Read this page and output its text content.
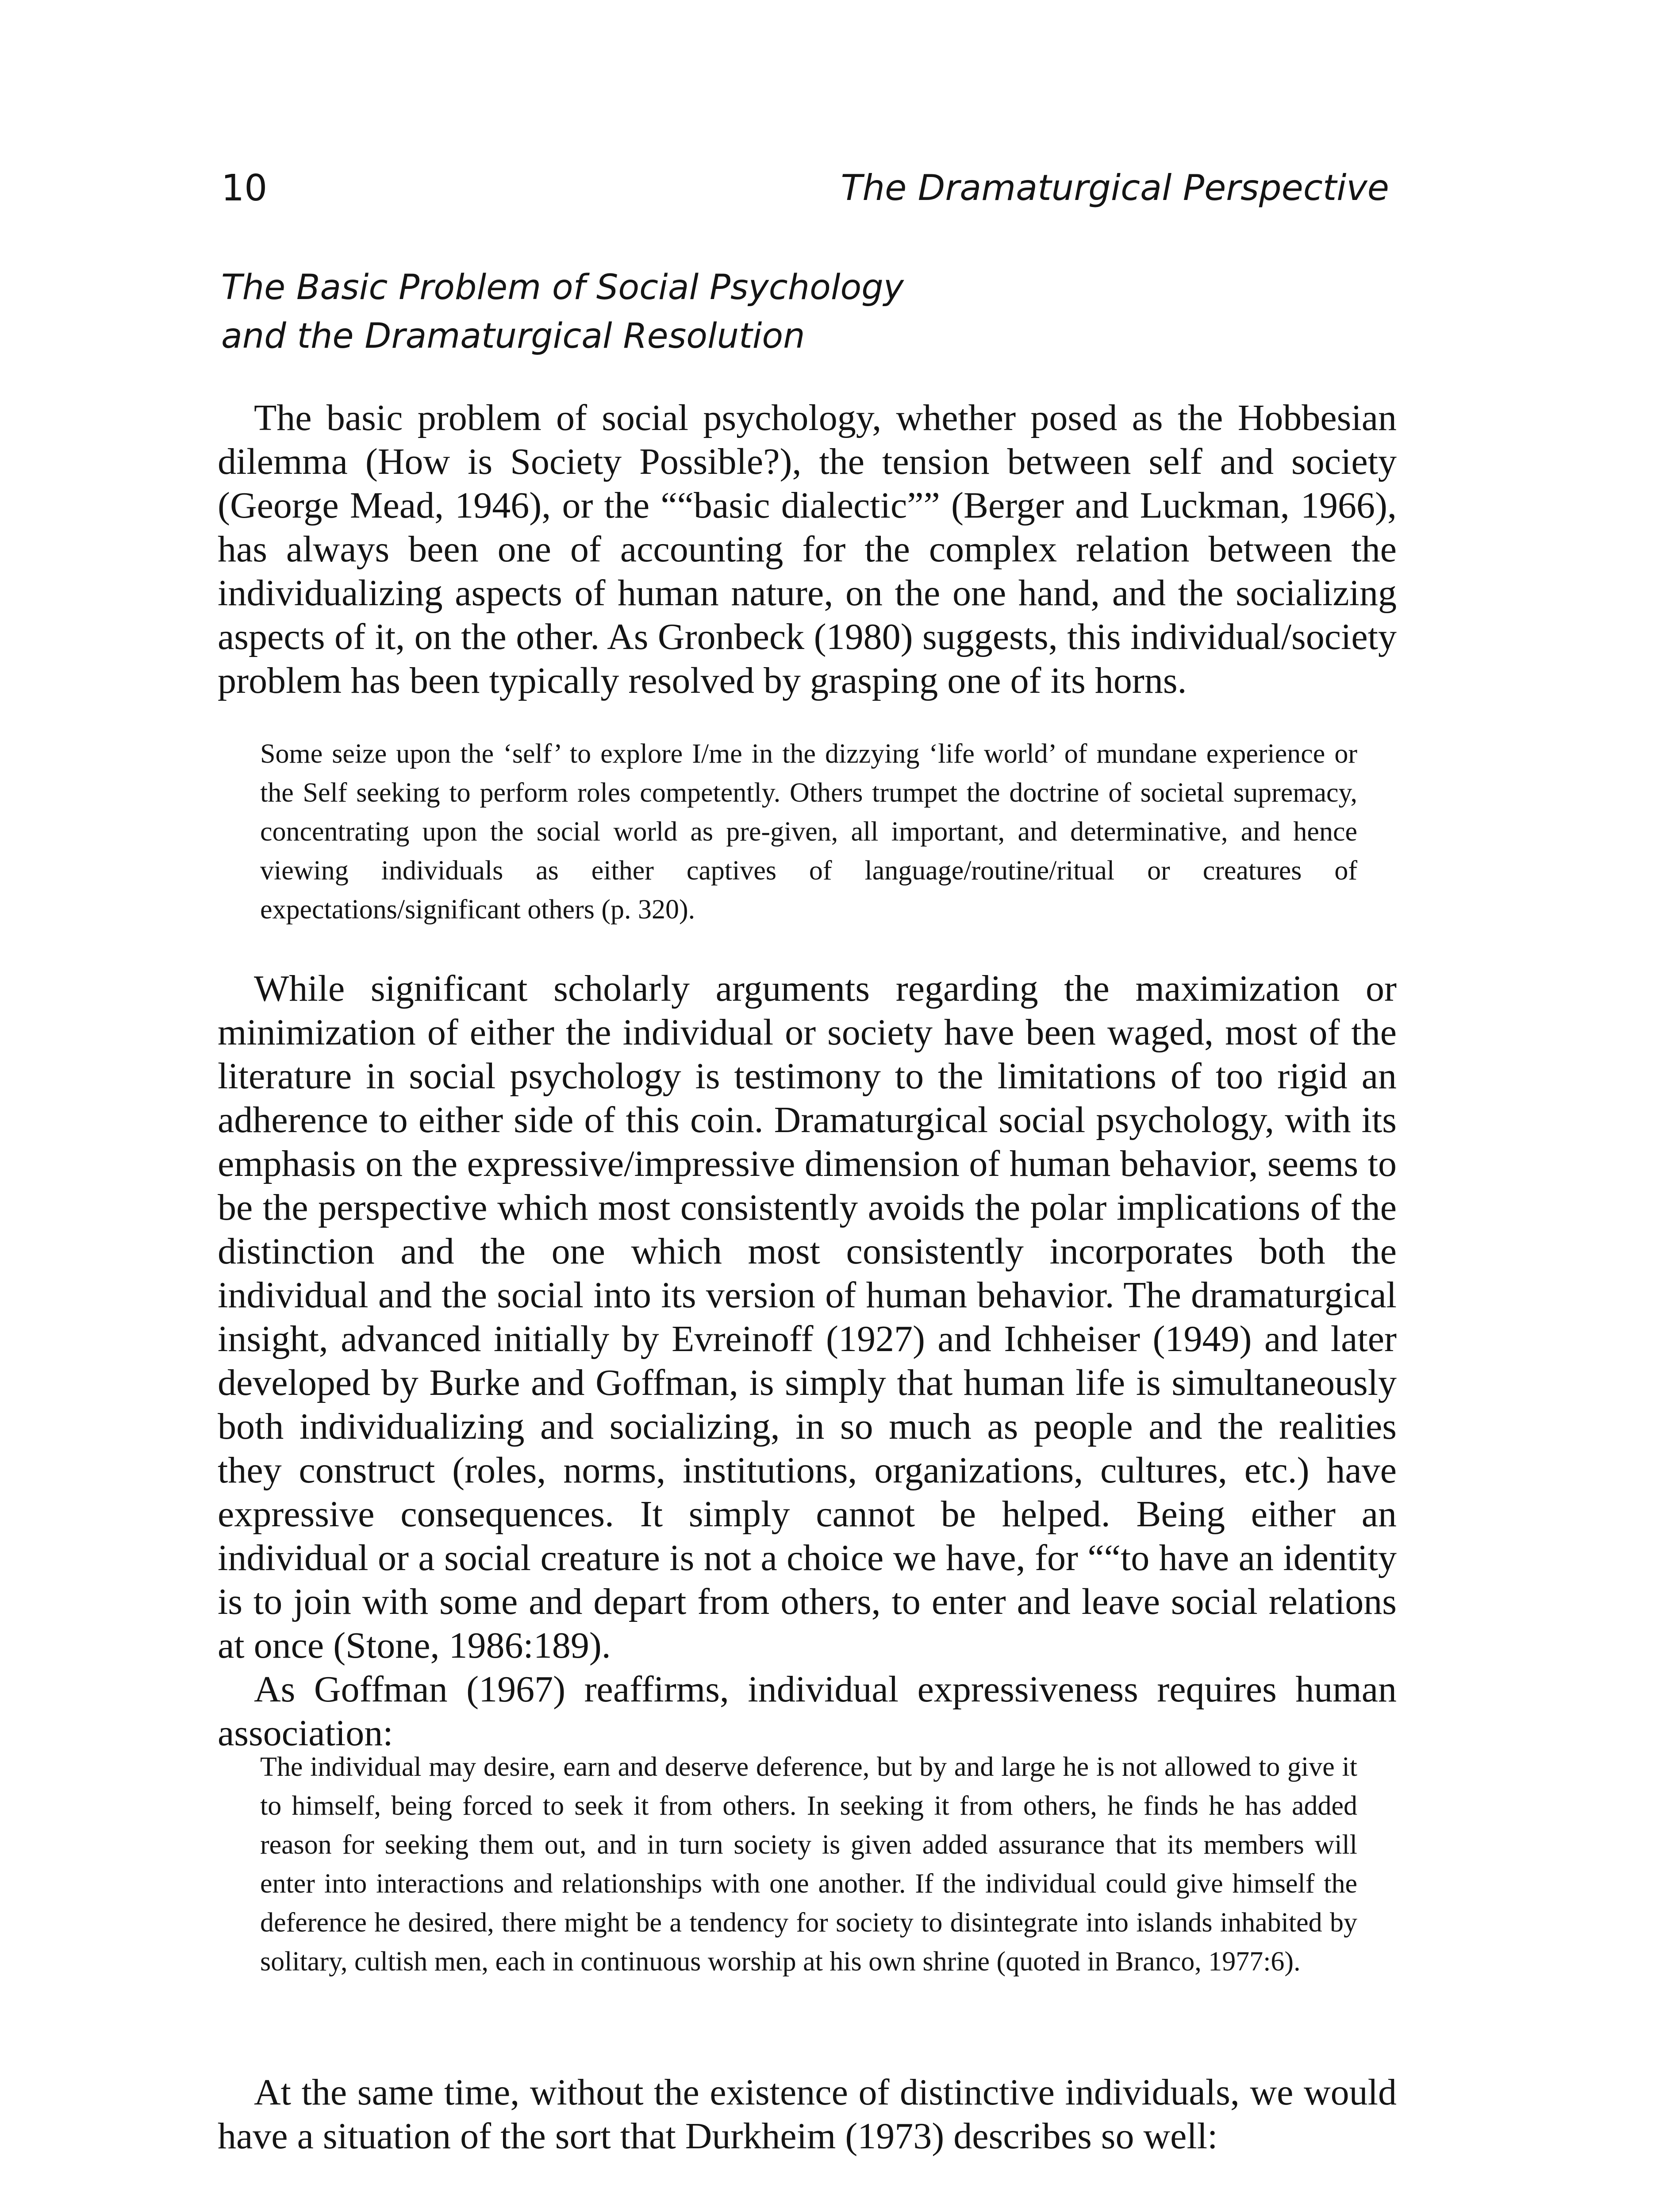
10	The Dramaturgical Perspective
The Basic Problem of Social Psychology
and the Dramaturgical Resolution

The basic problem of social psychology, whether posed as the Hobbesian dilemma (How is Society Possible?), the tension between self and society (George Mead, 1946), or the ““basic dialectic”” (Berger and Luckman, 1966), has always been one of accounting for the complex relation between the individualizing aspects of human nature, on the one hand, and the socializing aspects of it, on the other. As Gronbeck (1980) suggests, this individual/society problem has been typically resolved by grasping one of its horns.

Some seize upon the ‘self’ to explore I/me in the dizzying ‘life world’ of mundane experience or the Self seeking to perform roles competently. Others trumpet the doctrine of societal supremacy, concentrating upon the social world as pre-given, all important, and determinative, and hence viewing individuals as either captives of language/routine/ritual or creatures of expectations/significant others (p. 320).

While significant scholarly arguments regarding the maximization or minimization of either the individual or society have been waged, most of the literature in social psychology is testimony to the limitations of too rigid an adherence to either side of this coin. Dramaturgical social psychology, with its emphasis on the expressive/impressive dimension of human behavior, seems to be the perspective which most consistently avoids the polar implications of the distinction and the one which most consistently incorporates both the individual and the social into its version of human behavior. The dramaturgical insight, advanced initially by Evreinoff (1927) and Ichheiser (1949) and later developed by Burke and Goffman, is simply that human life is simultaneously both individualizing and socializing, in so much as people and the realities they construct (roles, norms, institutions, organizations, cultures, etc.) have expressive consequences. It simply cannot be helped. Being either an individual or a social creature is not a choice we have, for ““to have an identity is to join with some and depart from others, to enter and leave social relations at once (Stone, 1986:189).

As Goffman (1967) reaffirms, individual expressiveness requires human association:

The individual may desire, earn and deserve deference, but by and large he is not allowed to give it to himself, being forced to seek it from others. In seeking it from others, he finds he has added reason for seeking them out, and in turn society is given added assurance that its members will enter into interactions and relationships with one another. If the individual could give himself the deference he desired, there might be a tendency for society to disintegrate into islands inhabited by solitary, cultish men, each in continuous worship at his own shrine (quoted in Branco, 1977:6).

At the same time, without the existence of distinctive individuals, we would have a situation of the sort that Durkheim (1973) describes so well:
